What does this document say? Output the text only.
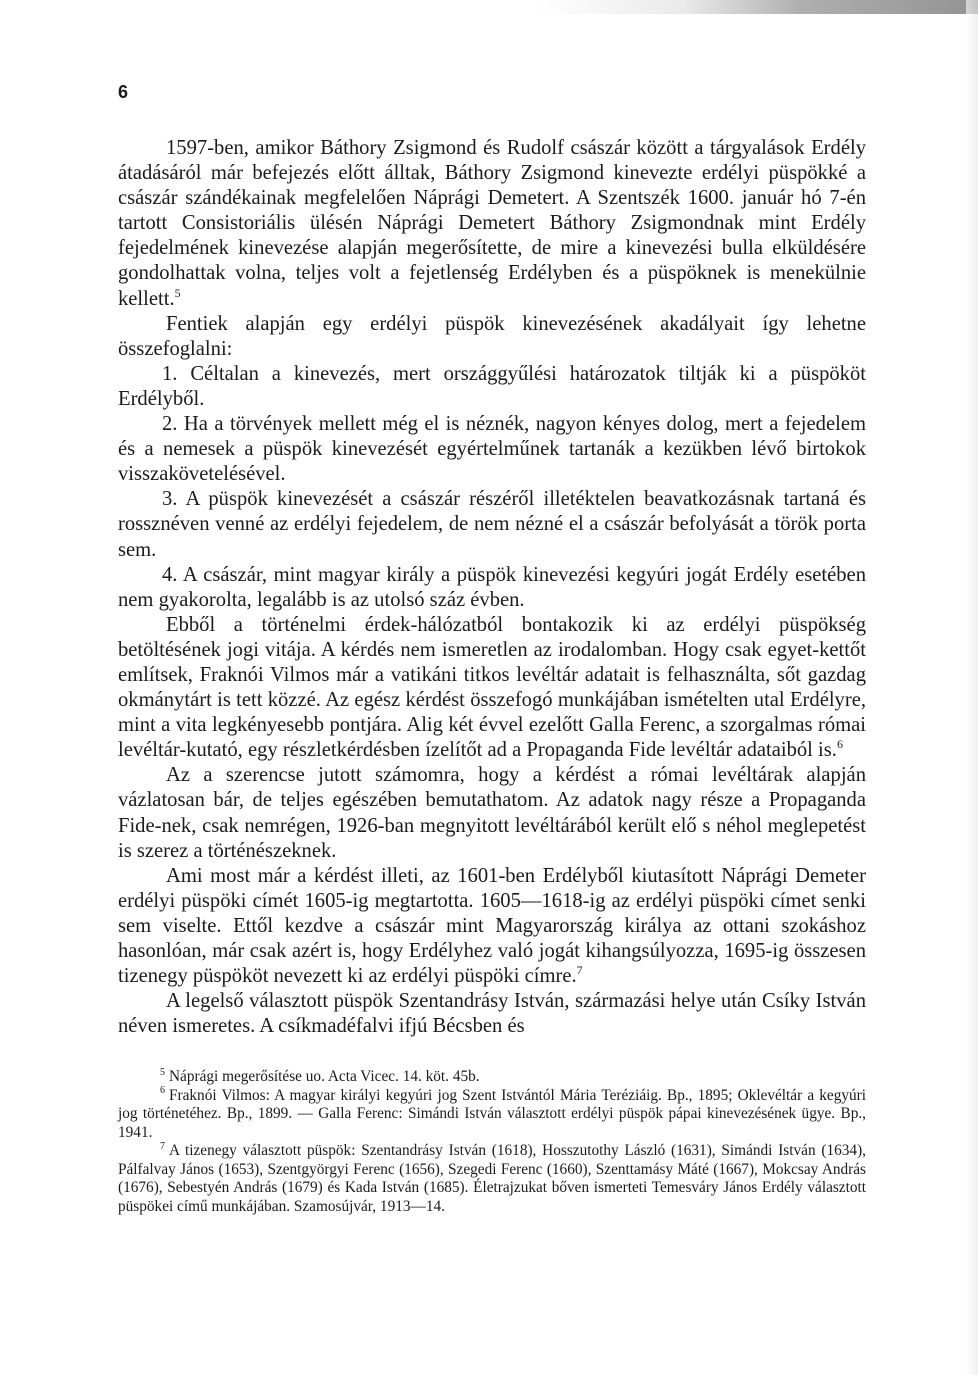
6

1597-ben, amikor Báthory Zsigmond és Rudolf császár között a tárgyalások Erdély átadásáról már befejezés előtt álltak, Báthory Zsigmond kinevezte erdélyi püspökké a császár szándékainak megfelelően Náprági Demetert. A Szentszék 1600. január hó 7-én tartott Consistoriális ülésén Náprági Demetert Báthory Zsigmondnak mint Erdély fejedelmének kinevezése alapján megerősítette, de mire a kinevezési bulla elküldésére gondolhattak volna, teljes volt a fejetlenség Erdélyben és a püspöknek is menekülnie kellett.$^5$

Fentiek alapján egy erdélyi püspök kinevezésének akadályait így lehetne összefoglalni:

1. Céltalan a kinevezés, mert országgyűlési határozatok tiltják ki a püspököt Erdélyből.

2. Ha a törvények mellett még el is néznék, nagyon kényes dolog, mert a fejedelem és a nemesek a püspök kinevezését egyértelműnek tartanák a kezükben lévő birtokok visszakövetelésével.

3. A püspök kinevezését a császár részéről illetéktelen beavatkozásnak tartaná és rossznéven venné az erdélyi fejedelem, de nem nézné el a császár befolyását a török porta sem.

4. A császár, mint magyar király a püspök kinevezési kegyúri jogát Erdély esetében nem gyakorolta, legalább is az utolsó száz évben.

Ebből a történelmi érdek-hálózatból bontakozik ki az erdélyi püspökség betöltésének jogi vitája. A kérdés nem ismeretlen az irodalomban. Hogy csak egyet-kettőt említsek, Fraknói Vilmos már a vatikáni titkos levéltár adatait is felhasználta, sőt gazdag okmánytárt is tett közzé. Az egész kérdést összefogó munkájában ismételten utal Erdélyre, mint a vita legkényesebb pontjára. Alig két évvel ezelőtt Galla Ferenc, a szorgalmas római levéltár-kutató, egy részletkérdésben ízelítőt ad a Propaganda Fide levéltár adataiból is.$^6$

Az a szerencse jutott számomra, hogy a kérdést a római levéltárak alapján vázlatosan bár, de teljes egészében bemutathatom. Az adatok nagy része a Propaganda Fide-nek, csak nemrégen, 1926-ban megnyitott levéltárából került elő s néhol meglepetést is szerez a történészeknek.

Ami most már a kérdést illeti, az 1601-ben Erdélyből kiutasított Náprági Demeter erdélyi püspöki címét 1605-ig megtartotta. 1605—1618-ig az erdélyi püspöki címet senki sem viselte. Ettől kezdve a császár mint Magyarország királya az ottani szokáshoz hasonlóan, már csak azért is, hogy Erdélyhez való jogát kihangsúlyozza, 1695-ig összesen tizenegy püspököt nevezett ki az erdélyi püspöki címre.$^7$

A legelső választott püspök Szentandrásy István, származási helye után Csíky István néven ismeretes. A csíkmadéfalvi ifjú Bécsben és

$^5$ Náprági megerősítése uo. Acta Vicec. 14. köt. 45b.

$^6$ Fraknói Vilmos: A magyar királyi kegyúri jog Szent Istvántól Mária Teréziáig. Bp., 1895; Oklevéltár a kegyúri jog történetéhez. Bp., 1899. — Galla Ferenc: Simándi István választott erdélyi püspök pápai kinevezésének ügye. Bp., 1941.

$^7$ A tizenegy választott püspök: Szentandrásy István (1618), Hosszutothy László (1631), Simándi István (1634), Pálfalvay János (1653), Szentgyörgyi Ferenc (1656), Szegedi Ferenc (1660), Szenttamásy Máté (1667), Mokcsay András (1676), Sebestyén András (1679) és Kada István (1685). Életrajzukat bőven ismerteti Temesváry János Erdély választott püspökei című munkájában. Szamosújvár, 1913—14.
